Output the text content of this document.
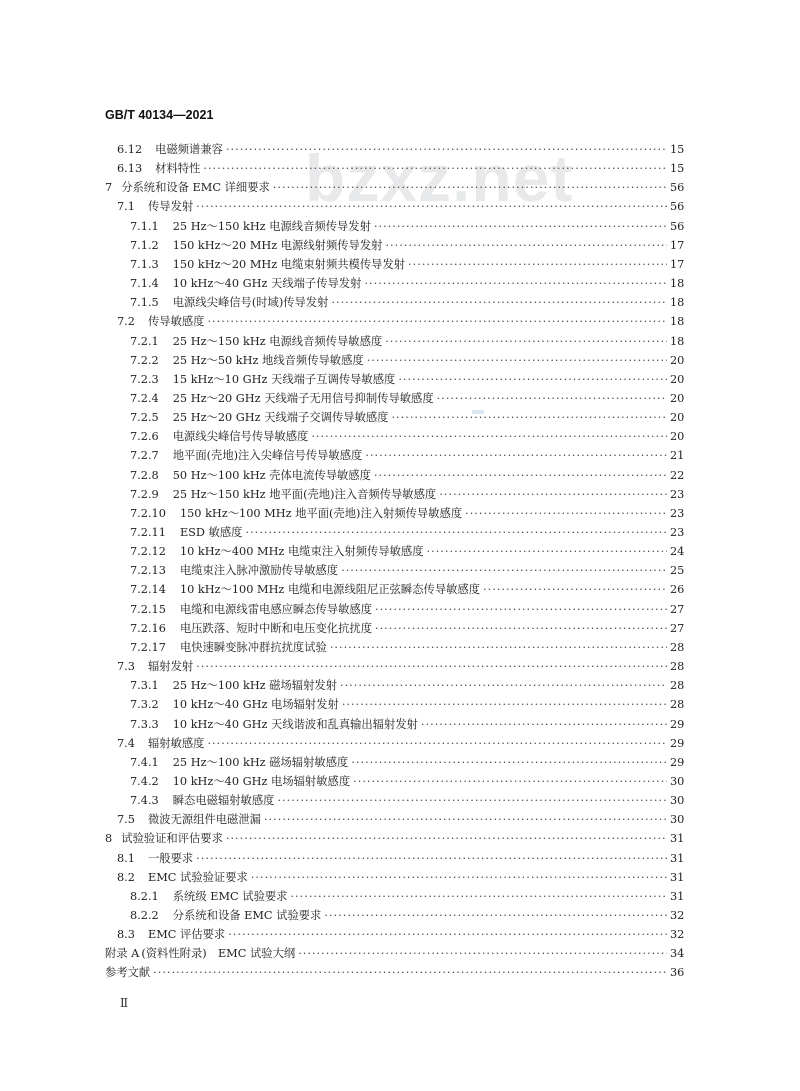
GB/T 40134—2021
bzxz.net
6.12 电磁频谱兼容 ·····	15
6.13 材料特性 ·····	15
7 分系统和设备 EMC 详细要求 ·····	56
7.1 传导发射 ·····	56
7.1.1 25 Hz～150 kHz 电源线音频传导发射 ·····	56
7.1.2 150 kHz～20 MHz 电源线射频传导发射 ·····	17
7.1.3 150 kHz～20 MHz 电缆束射频共模传导发射 ·····	17
7.1.4 10 kHz～40 GHz 天线端子传导发射 ·····	18
7.1.5 电源线尖峰信号(时域)传导发射 ·····	18
7.2 传导敏感度 ·····	18
7.2.1 25 Hz～150 kHz 电源线音频传导敏感度 ·····	18
7.2.2 25 Hz～50 kHz 地线音频传导敏感度 ·····	20
7.2.3 15 kHz～10 GHz 天线端子互调传导敏感度 ·····	20
7.2.4 25 Hz～20 GHz 天线端子无用信号抑制传导敏感度 ·····	20
7.2.5 25 Hz～20 GHz 天线端子交调传导敏感度 ·····	20
7.2.6 电源线尖峰信号传导敏感度 ·····	20
7.2.7 地平面(壳地)注入尖峰信号传导敏感度 ·····	21
7.2.8 50 Hz～100 kHz 壳体电流传导敏感度 ·····	22
7.2.9 25 Hz～150 kHz 地平面(壳地)注入音频传导敏感度 ·····	23
7.2.10 150 kHz～100 MHz 地平面(壳地)注入射频传导敏感度 ·····	23
7.2.11 ESD 敏感度 ·····	23
7.2.12 10 kHz～400 MHz 电缆束注入射频传导敏感度 ·····	24
7.2.13 电缆束注入脉冲激励传导敏感度 ·····	25
7.2.14 10 kHz～100 MHz 电缆和电源线阻尼正弦瞬态传导敏感度 ·····	26
7.2.15 电缆和电源线雷电感应瞬态传导敏感度 ·····	27
7.2.16 电压跌落、短时中断和电压变化抗扰度 ·····	27
7.2.17 电快速瞬变脉冲群抗扰度试验 ·····	28
7.3 辐射发射 ·····	28
7.3.1 25 Hz～100 kHz 磁场辐射发射 ·····	28
7.3.2 10 kHz～40 GHz 电场辐射发射 ·····	28
7.3.3 10 kHz～40 GHz 天线谐波和乱真输出辐射发射 ·····	29
7.4 辐射敏感度 ·····	29
7.4.1 25 Hz～100 kHz 磁场辐射敏感度 ·····	29
7.4.2 10 kHz～40 GHz 电场辐射敏感度 ·····	30
7.4.3 瞬态电磁辐射敏感度 ·····	30
7.5 微波无源组件电磁泄漏 ·····	30
8 试验验证和评估要求 ·····	31
8.1 一般要求 ·····	31
8.2 EMC 试验验证要求 ·····	31
8.2.1 系统级 EMC 试验要求 ·····	31
8.2.2 分系统和设备 EMC 试验要求 ·····	32
8.3 EMC 评估要求 ·····	32
附录 A (资料性附录)　EMC 试验大纲 ·····	34
参考文献 ·····	36
Ⅱ
